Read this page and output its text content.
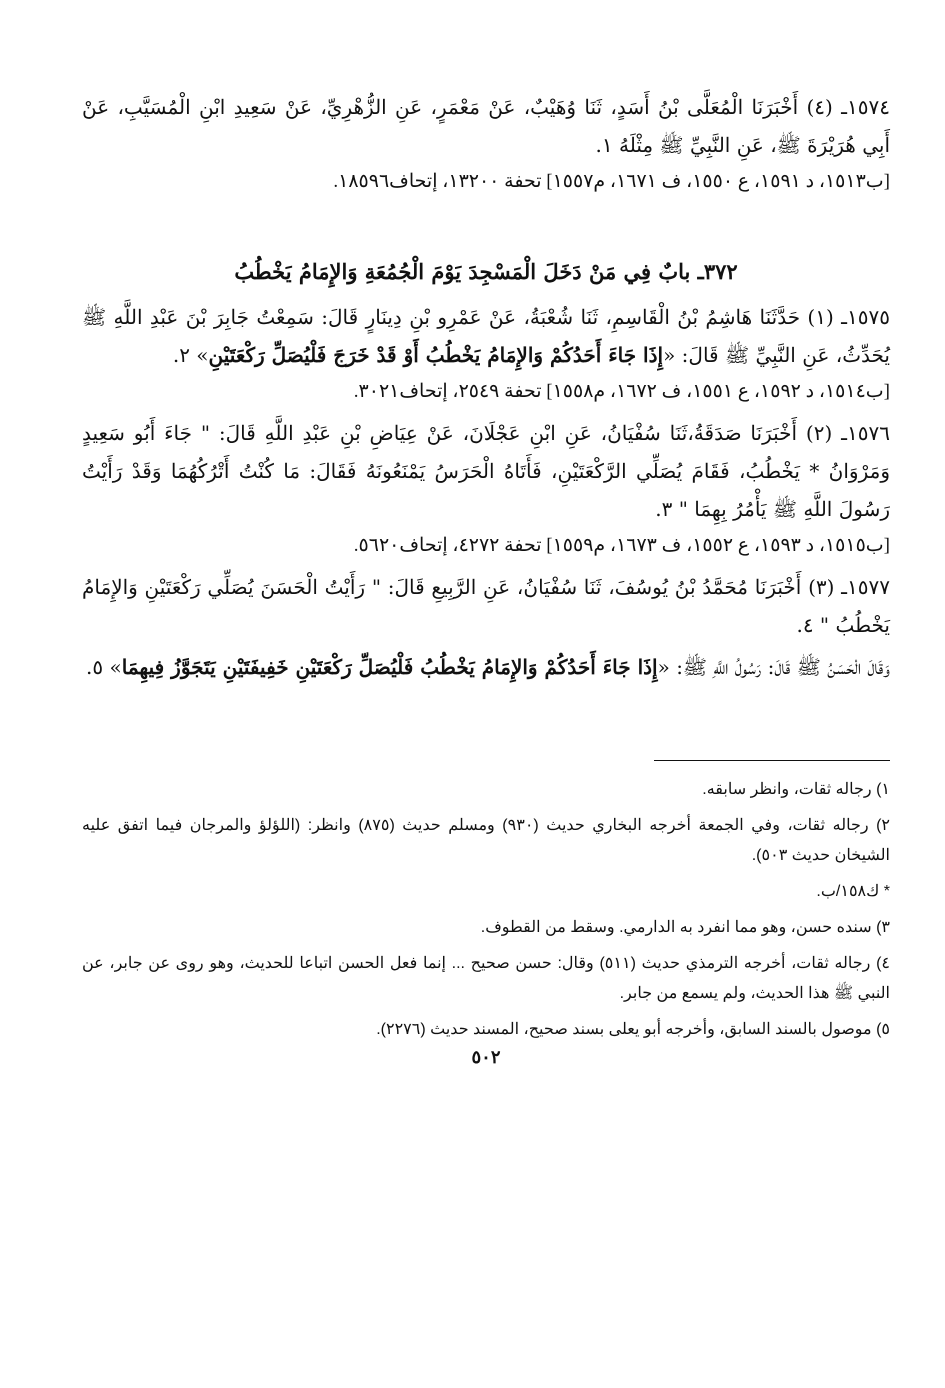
١٥٧٤ـ (٤) أَخْبَرَنَا الْمُعَلَّى بْنُ أَسَدٍ، ثَنَا وُهَيْبٌ، عَنْ مَعْمَرٍ، عَنِ الزُّهْرِيِّ، عَنْ سَعِيدِ ابْنِ الْمُسَيَّبِ، عَنْ أَبِي هُرَيْرَةَ ﷺ، عَنِ النَّبِيِّ ﷺ مِثْلَهُ ١.

[ب١٥١٣، د ١٥٩١، ع ١٥٥٠، ف ١٦٧١، م١٥٥٧] تحفة ١٣٢٠٠، إتحاف١٨٥٩٦.

٣٧٢ـ بابٌ فِي مَنْ دَخَلَ الْمَسْجِدَ يَوْمَ الْجُمُعَةِ وَالإِمَامُ يَخْطُبُ

١٥٧٥ـ (١) حَدَّثَنَا هَاشِمُ بْنُ الْقَاسِمِ، ثَنَا شُعْبَةُ، عَنْ عَمْرِو بْنِ دِينَارٍ قَالَ: سَمِعْتُ جَابِرَ بْنَ عَبْدِ اللَّهِ ﷺ يُحَدِّثُ، عَنِ النَّبِيِّ ﷺ قَالَ: «إِذَا جَاءَ أَحَدُكُمْ وَالإِمَامُ يَخْطُبُ أَوْ قَدْ خَرَجَ فَلْيُصَلِّ رَكْعَتَيْنِ» ٢.

[ب١٥١٤، د ١٥٩٢، ع ١٥٥١، ف ١٦٧٢، م١٥٥٨] تحفة ٢٥٤٩، إتحاف٣٠٢١.

١٥٧٦ـ (٢) أَخْبَرَنَا صَدَقَةُ،ثَنَا سُفْيَانُ، عَنِ ابْنِ عَجْلَانَ، عَنْ عِيَاضِ بْنِ عَبْدِ اللَّهِ قَالَ: " جَاءَ أَبُو سَعِيدٍ وَمَرْوَانُ * يَخْطُبُ، فَقَامَ يُصَلِّي الرَّكْعَتَيْنِ، فَأَتَاهُ الْحَرَسُ يَمْنَعُونَهُ فَقَالَ: مَا كُنْتُ أَتْرُكُهُمَا وَقَدْ رَأَيْتُ رَسُولَ اللَّهِ ﷺ يَأْمُرُ بِهِمَا " ٣.

[ب١٥١٥، د ١٥٩٣، ع ١٥٥٢، ف ١٦٧٣، م١٥٥٩] تحفة ٤٢٧٢، إتحاف٥٦٢٠.

١٥٧٧ـ (٣) أَخْبَرَنَا مُحَمَّدُ بْنُ يُوسُفَ، ثَنَا سُفْيَانُ، عَنِ الرَّبِيعِ قَالَ: " رَأَيْتُ الْحَسَنَ يُصَلِّي رَكْعَتَيْنِ وَالإِمَامُ يَخْطُبُ " ٤.

وَقَالَ الْحَسَنُ ﷺ قَالَ: رَسُولُ اللَّهِ ﷺ: «إِذَا جَاءَ أَحَدُكُمْ وَالإِمَامُ يَخْطُبُ فَلْيُصَلِّ رَكْعَتَيْنِ خَفِيفَتَيْنِ يَتَجَوَّزُ فِيهِمَا» ٥.

١) رجاله ثقات، وانظر سابقه.

٢) رجاله ثقات، وفي الجمعة أخرجه البخاري حديث (٩٣٠) ومسلم حديث (٨٧٥) وانظر: (اللؤلؤ والمرجان فيما اتفق عليه الشيخان حديث ٥٠٣).

* ك١٥٨/ب.

٣) سنده حسن، وهو مما انفرد به الدارمي. وسقط من القطوف.

٤) رجاله ثقات، أخرجه الترمذي حديث (٥١١) وقال: حسن صحيح ... إنما فعل الحسن اتباعا للحديث، وهو روى عن جابر، عن النبي ﷺ هذا الحديث، ولم يسمع من جابر.

٥) موصول بالسند السابق، وأخرجه أبو يعلى بسند صحيح، المسند حديث (٢٢٧٦).

٥٠٢
